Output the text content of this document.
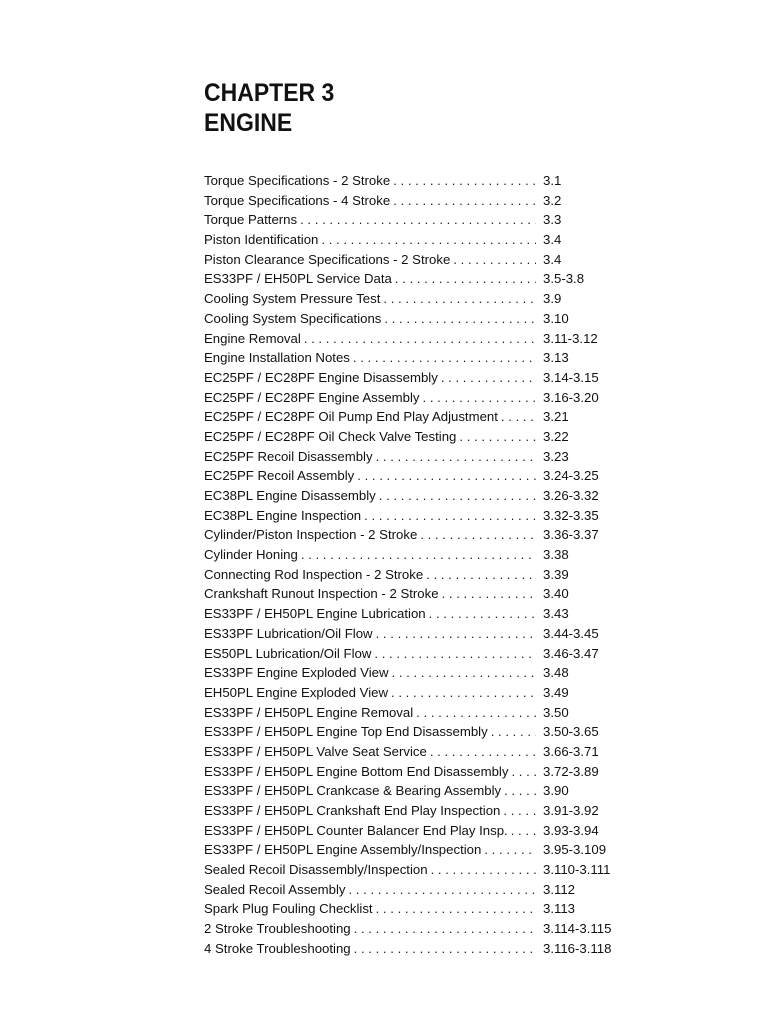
CHAPTER 3
ENGINE
Torque Specifications - 2 Stroke . . .	3.1
Torque Specifications - 4 Stroke . . .	3.2
Torque Patterns . . .	3.3
Piston Identification . . .	3.4
Piston Clearance Specifications - 2 Stroke . . .	3.4
ES33PF / EH50PL Service Data . . .	3.5-3.8
Cooling System Pressure Test . . .	3.9
Cooling System Specifications . . .	3.10
Engine Removal . . .	3.11-3.12
Engine Installation Notes . . .	3.13
EC25PF / EC28PF Engine Disassembly . . .	3.14-3.15
EC25PF / EC28PF Engine Assembly . . .	3.16-3.20
EC25PF / EC28PF Oil Pump End Play Adjustment . . .	3.21
EC25PF / EC28PF Oil Check Valve Testing . . .	3.22
EC25PF Recoil Disassembly . . .	3.23
EC25PF Recoil Assembly . . .	3.24-3.25
EC38PL Engine Disassembly . . .	3.26-3.32
EC38PL Engine Inspection . . .	3.32-3.35
Cylinder/Piston Inspection - 2 Stroke . . .	3.36-3.37
Cylinder Honing . . .	3.38
Connecting Rod Inspection - 2 Stroke . . .	3.39
Crankshaft Runout Inspection - 2 Stroke . . .	3.40
ES33PF / EH50PL Engine Lubrication . . .	3.43
ES33PF Lubrication/Oil Flow . . .	3.44-3.45
ES50PL Lubrication/Oil Flow . . .	3.46-3.47
ES33PF Engine Exploded View . . .	3.48
EH50PL Engine Exploded View . . .	3.49
ES33PF / EH50PL Engine Removal . . .	3.50
ES33PF / EH50PL Engine Top End Disassembly . . .	3.50-3.65
ES33PF / EH50PL Valve Seat Service . . .	3.66-3.71
ES33PF / EH50PL Engine Bottom End Disassembly . . .	3.72-3.89
ES33PF / EH50PL Crankcase & Bearing Assembly . . .	3.90
ES33PF / EH50PL Crankshaft End Play Inspection . . .	3.91-3.92
ES33PF / EH50PL Counter Balancer End Play Insp. . . .	3.93-3.94
ES33PF / EH50PL Engine Assembly/Inspection . . .	3.95-3.109
Sealed Recoil Disassembly/Inspection . . .	3.110-3.111
Sealed Recoil Assembly . . .	3.112
Spark Plug Fouling Checklist . . .	3.113
2 Stroke Troubleshooting . . .	3.114-3.115
4 Stroke Troubleshooting . . .	3.116-3.118
